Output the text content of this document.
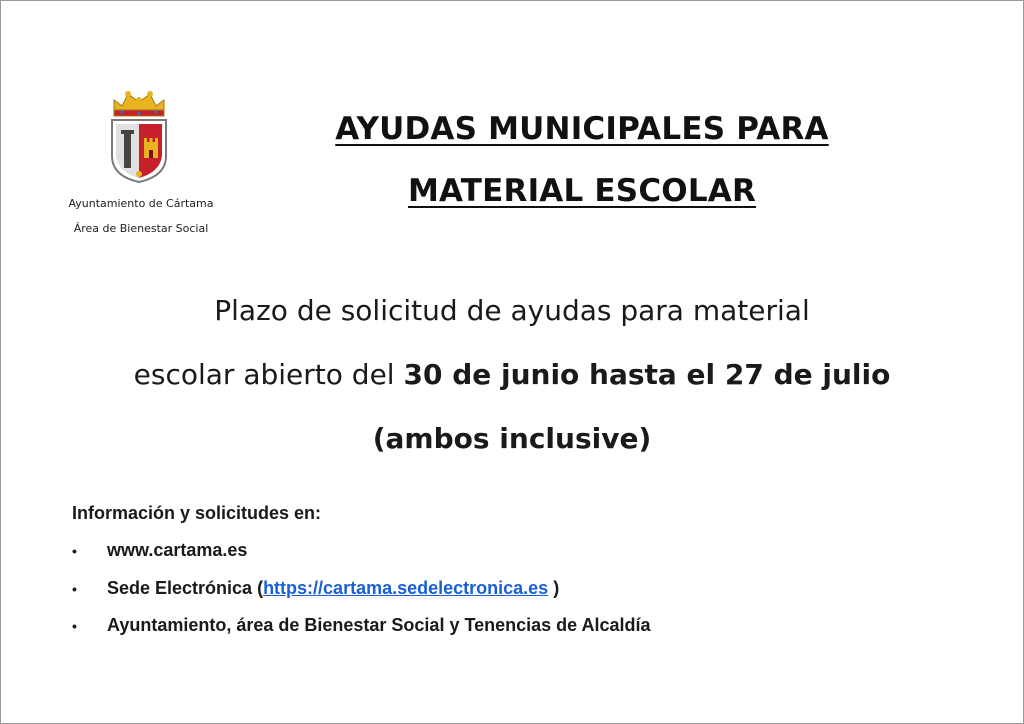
Ayuntamiento de Cártama
Área de Bienestar Social
AYUDAS MUNICIPALES PARA
MATERIAL ESCOLAR
Plazo de solicitud de ayudas para material
escolar abierto del 30 de junio hasta el 27 de julio
(ambos inclusive)
Información y solicitudes en:
• www.cartama.es
• Sede Electrónica (https://cartama.sedelectronica.es )
• Ayuntamiento, área de Bienestar Social y Tenencias de Alcaldía
